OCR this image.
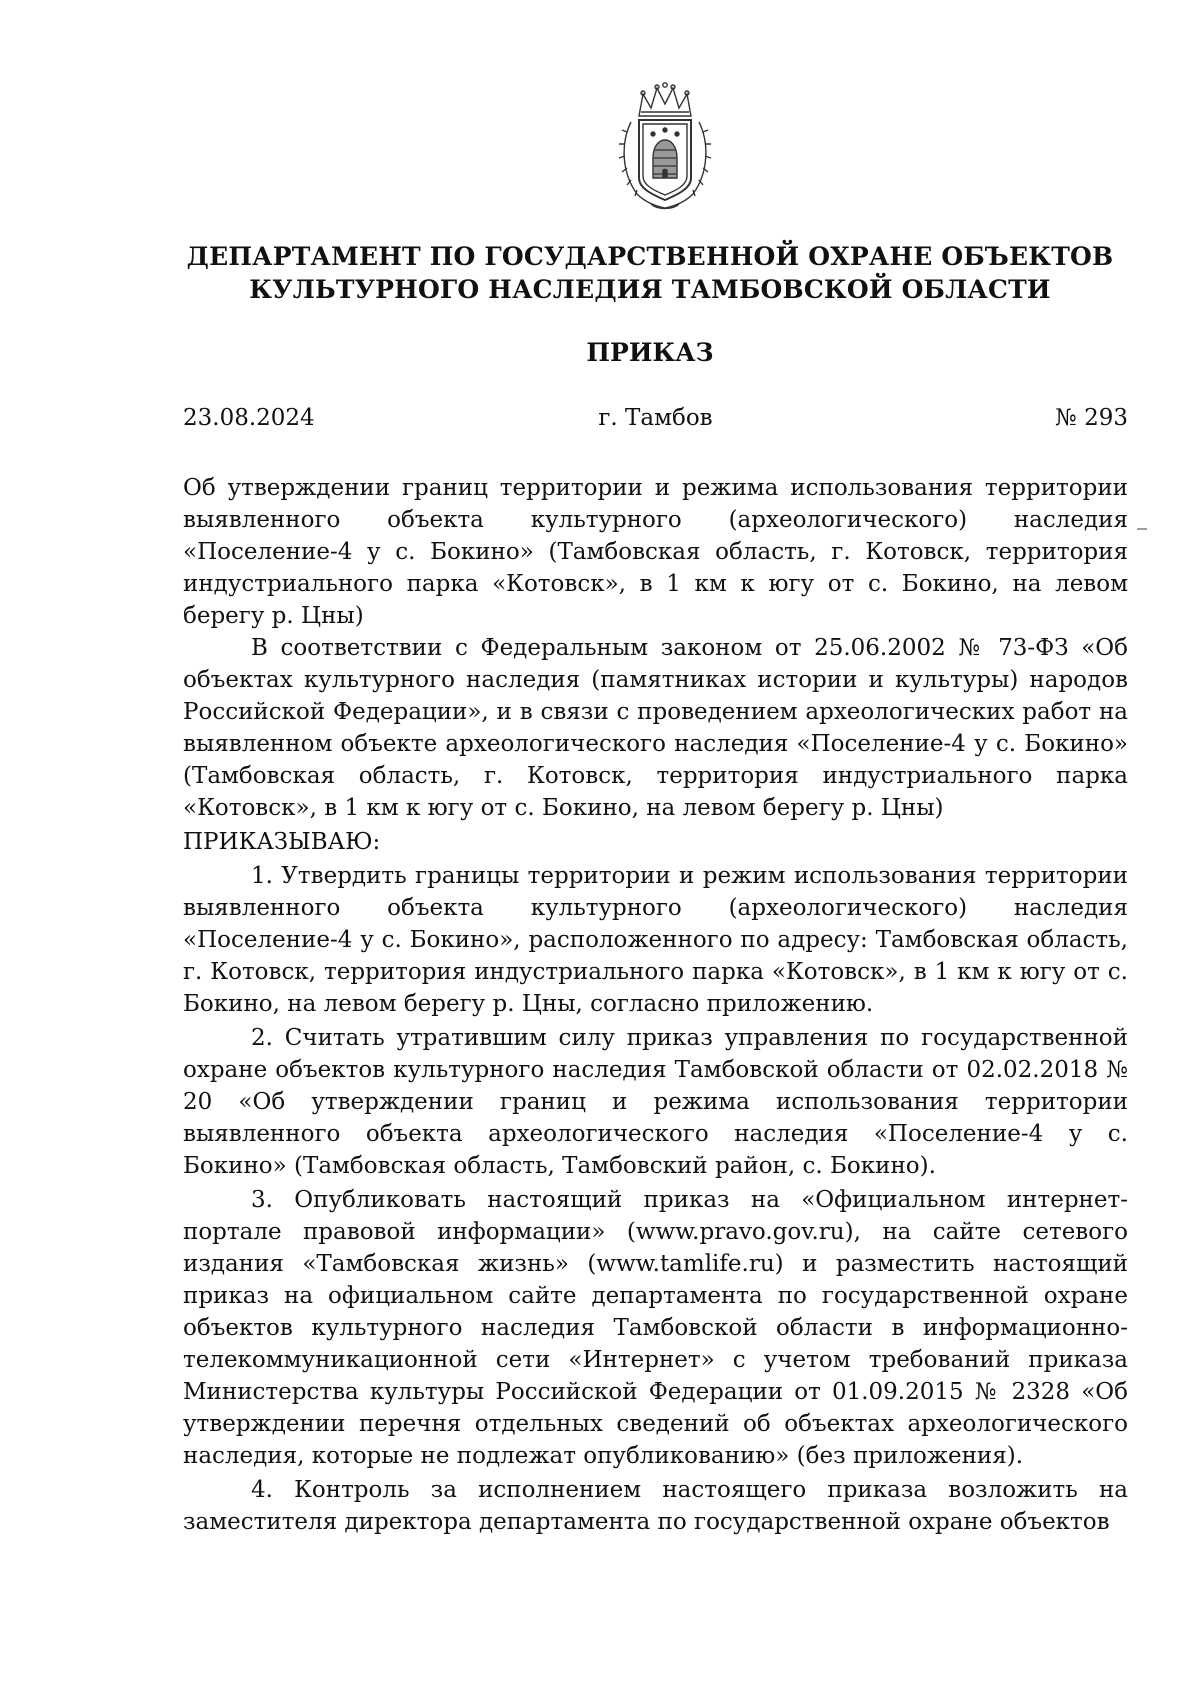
ДЕПАРТАМЕНТ ПО ГОСУДАРСТВЕННОЙ ОХРАНЕ ОБЪЕКТОВ
КУЛЬТУРНОГО НАСЛЕДИЯ ТАМБОВСКОЙ ОБЛАСТИ
ПРИКАЗ
г. Тамбов
23.08.2024	№ 293
Об утверждении границ территории и режима использования территории выявленного объекта культурного (археологического) наследия «Поселение-4 у с. Бокино» (Тамбовская область, г. Котовск, территория индустриального парка «Котовск», в 1 км к югу от с. Бокино, на левом берегу р. Цны)

В соответствии с Федеральным законом от 25.06.2002 № 73-ФЗ «Об объектах культурного наследия (памятниках истории и культуры) народов Российской Федерации», и в связи с проведением археологических работ на выявленном объекте археологического наследия «Поселение-4 у с. Бокино» (Тамбовская область, г. Котовск, территория индустриального парка «Котовск», в 1 км к югу от с. Бокино, на левом берегу р. Цны)

ПРИКАЗЫВАЮ:

1. Утвердить границы территории и режим использования территории выявленного объекта культурного (археологического) наследия «Поселение-4 у с. Бокино», расположенного по адресу: Тамбовская область, г. Котовск, территория индустриального парка «Котовск», в 1 км к югу от с. Бокино, на левом берегу р. Цны, согласно приложению.

2. Считать утратившим силу приказ управления по государственной охране объектов культурного наследия Тамбовской области от 02.02.2018 № 20 «Об утверждении границ и режима использования территории выявленного объекта археологического наследия «Поселение-4 у с. Бокино» (Тамбовская область, Тамбовский район, с. Бокино).

3. Опубликовать настоящий приказ на «Официальном интернет-портале правовой информации» (www.pravo.gov.ru), на сайте сетевого издания «Тамбовская жизнь» (www.tamlife.ru) и разместить настоящий приказ на официальном сайте департамента по государственной охране объектов культурного наследия Тамбовской области в информационно-телекоммуникационной сети «Интернет» с учетом требований приказа Министерства культуры Российской Федерации от 01.09.2015 № 2328 «Об утверждении перечня отдельных сведений об объектах археологического наследия, которые не подлежат опубликованию» (без приложения).

4. Контроль за исполнением настоящего приказа возложить на заместителя директора департамента по государственной охране объектов
